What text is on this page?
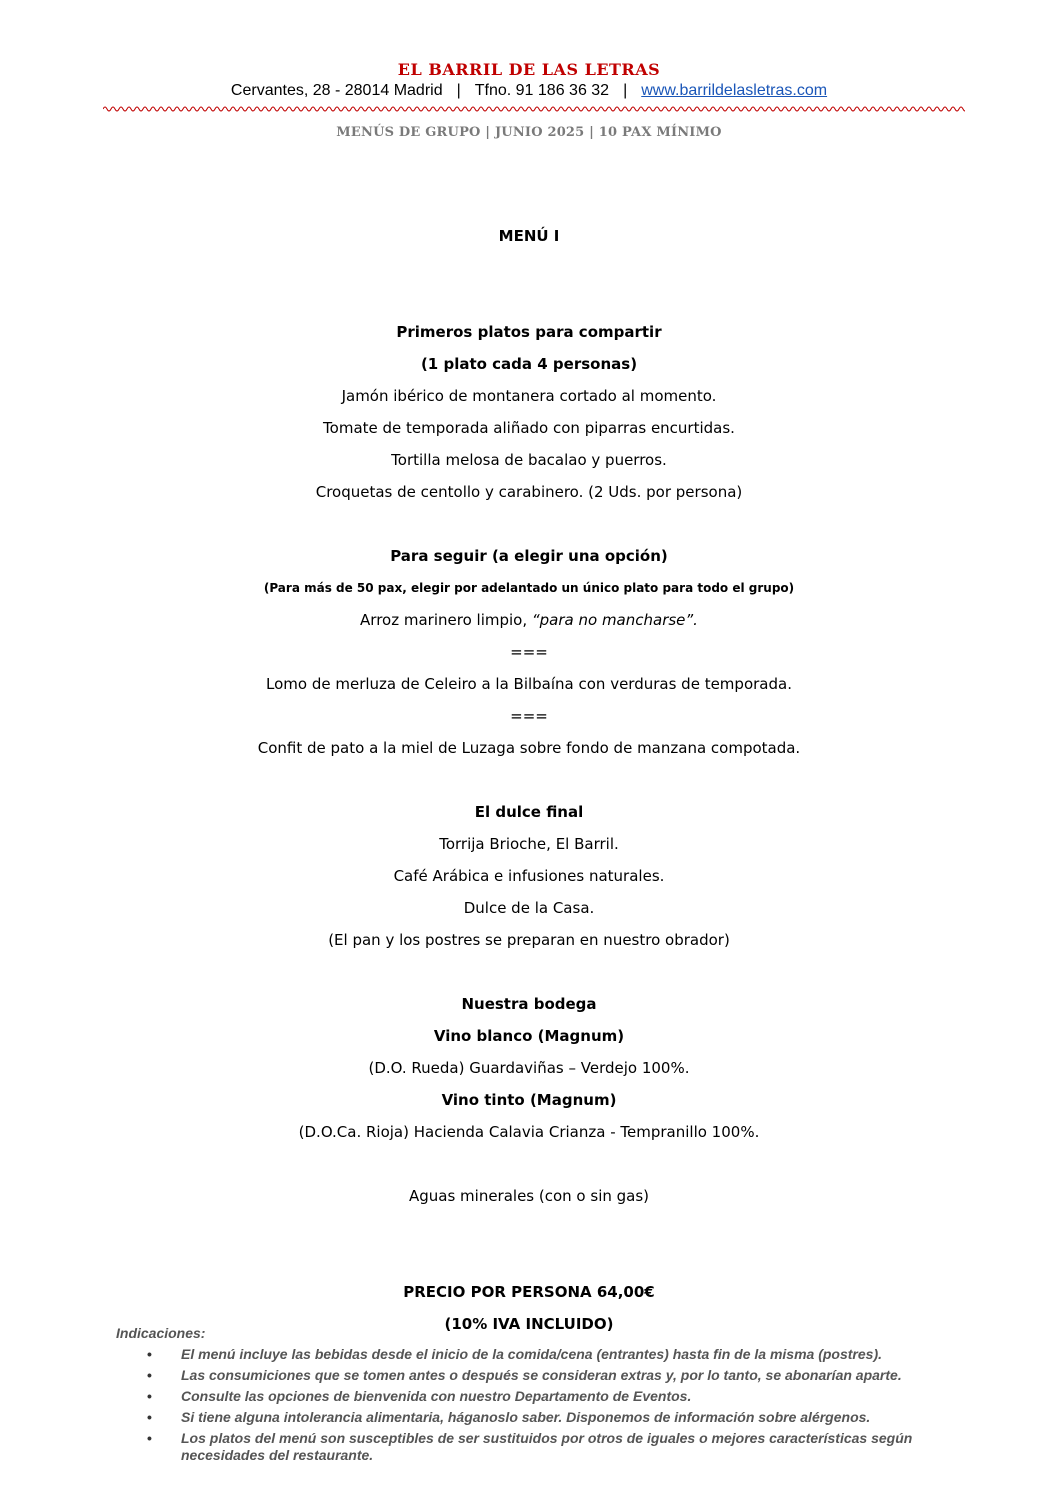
EL BARRIL DE LAS LETRAS
Cervantes, 28 - 28014 Madrid | Tfno. 91 186 36 32 | www.barrildelasletras.com
MENÚS DE GRUPO | JUNIO 2025 | 10 PAX MÍNIMO
MENÚ I
Primeros platos para compartir
(1 plato cada 4 personas)
Jamón ibérico de montanera cortado al momento.
Tomate de temporada aliñado con piparras encurtidas.
Tortilla melosa de bacalao y puerros.
Croquetas de centollo y carabinero. (2 Uds. por persona)
Para seguir (a elegir una opción)
(Para más de 50 pax, elegir por adelantado un único plato para todo el grupo)
Arroz marinero limpio, “para no mancharse”.
===
Lomo de merluza de Celeiro a la Bilbaína con verduras de temporada.
===
Confit de pato a la miel de Luzaga sobre fondo de manzana compotada.
El dulce final
Torrija Brioche, El Barril.
Café Arábica e infusiones naturales.
Dulce de la Casa.
(El pan y los postres se preparan en nuestro obrador)
Nuestra bodega
Vino blanco (Magnum)
(D.O. Rueda) Guardaviñas – Verdejo 100%.
Vino tinto (Magnum)
(D.O.Ca. Rioja) Hacienda Calavia Crianza - Tempranillo 100%.
Aguas minerales (con o sin gas)
PRECIO POR PERSONA 64,00€
(10% IVA INCLUIDO)
Indicaciones:
• El menú incluye las bebidas desde el inicio de la comida/cena (entrantes) hasta fin de la misma (postres).
• Las consumiciones que se tomen antes o después se consideran extras y, por lo tanto, se abonarían aparte.
• Consulte las opciones de bienvenida con nuestro Departamento de Eventos.
• Si tiene alguna intolerancia alimentaria, háganoslo saber. Disponemos de información sobre alérgenos.
• Los platos del menú son susceptibles de ser sustituidos por otros de iguales o mejores características según necesidades del restaurante.
